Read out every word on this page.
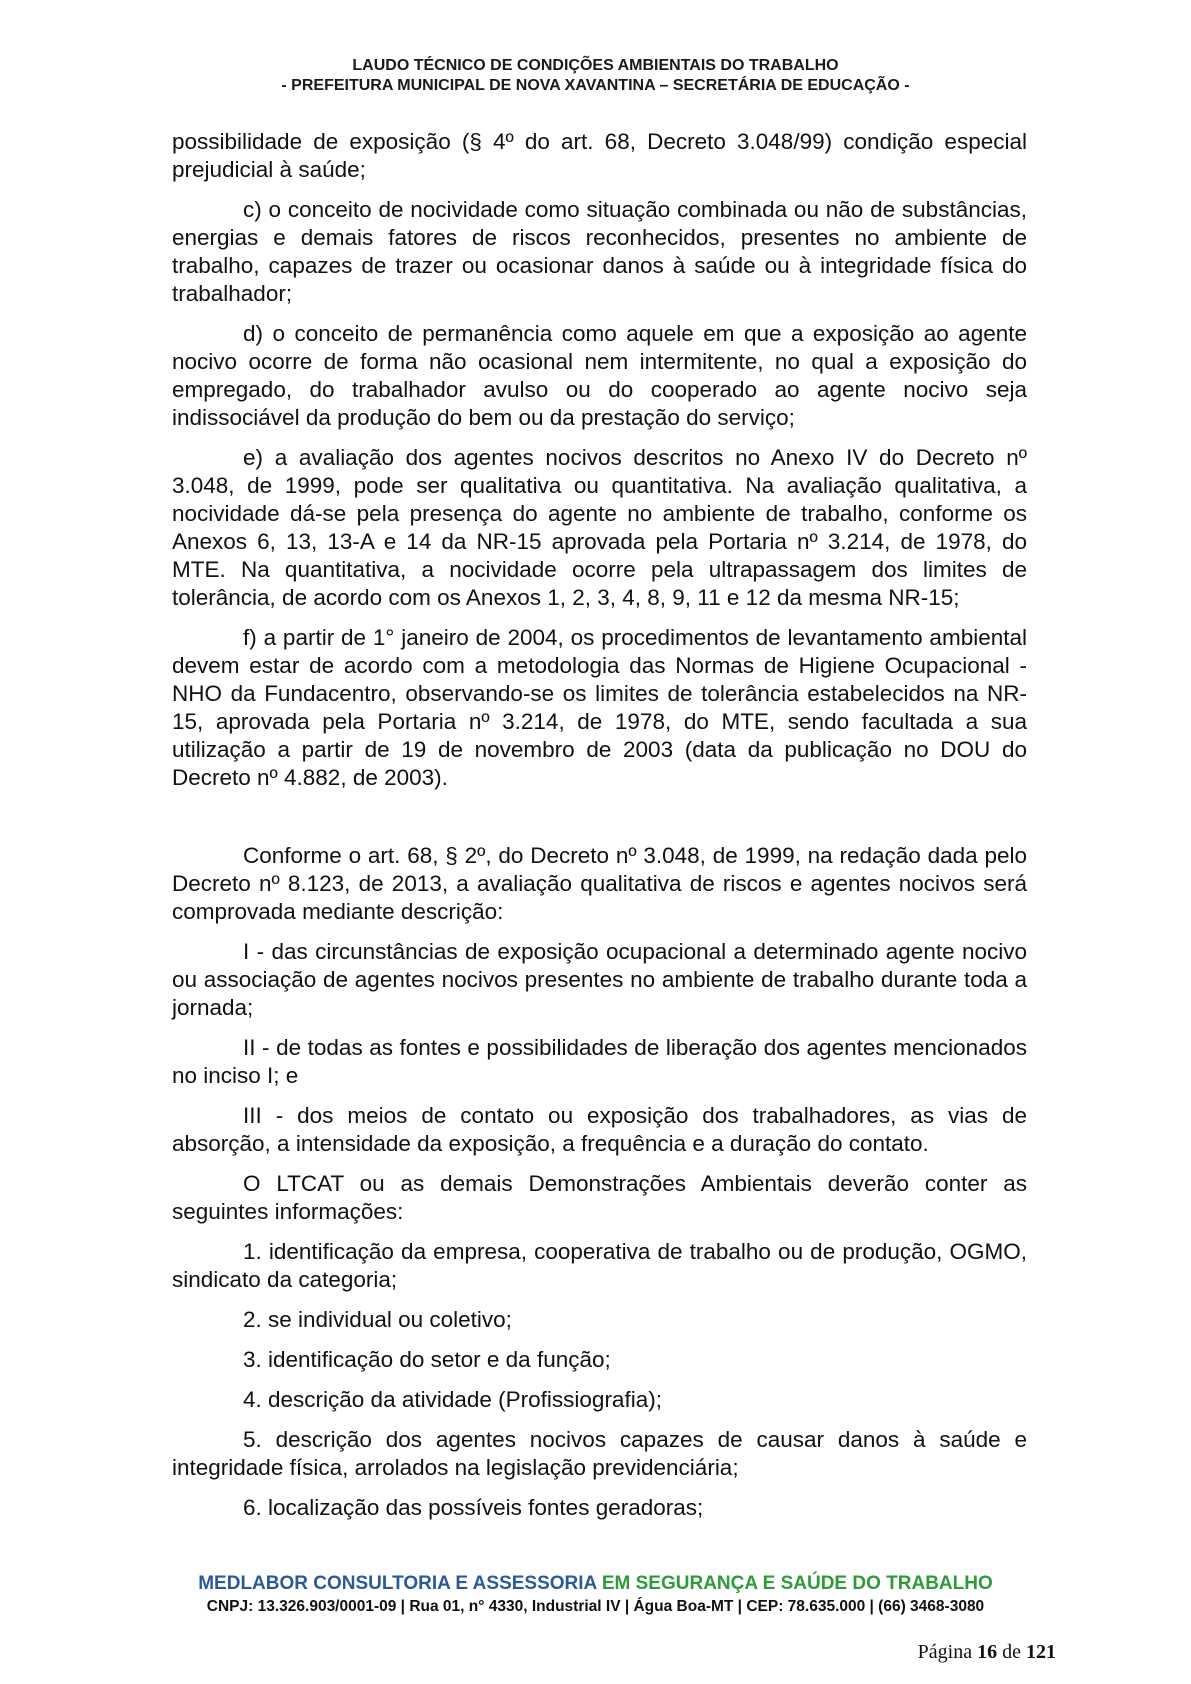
LAUDO TÉCNICO DE CONDIÇÕES AMBIENTAIS DO TRABALHO
- PREFEITURA MUNICIPAL DE NOVA XAVANTINA – SECRETÁRIA DE EDUCAÇÃO -

possibilidade de exposição (§ 4º do art. 68, Decreto 3.048/99) condição especial prejudicial à saúde;

c) o conceito de nocividade como situação combinada ou não de substâncias, energias e demais fatores de riscos reconhecidos, presentes no ambiente de trabalho, capazes de trazer ou ocasionar danos à saúde ou à integridade física do trabalhador;

d) o conceito de permanência como aquele em que a exposição ao agente nocivo ocorre de forma não ocasional nem intermitente, no qual a exposição do empregado, do trabalhador avulso ou do cooperado ao agente nocivo seja indissociável da produção do bem ou da prestação do serviço;

e) a avaliação dos agentes nocivos descritos no Anexo IV do Decreto nº 3.048, de 1999, pode ser qualitativa ou quantitativa. Na avaliação qualitativa, a nocividade dá-se pela presença do agente no ambiente de trabalho, conforme os Anexos 6, 13, 13-A e 14 da NR-15 aprovada pela Portaria nº 3.214, de 1978, do MTE. Na quantitativa, a nocividade ocorre pela ultrapassagem dos limites de tolerância, de acordo com os Anexos 1, 2, 3, 4, 8, 9, 11 e 12 da mesma NR-15;

f) a partir de 1° janeiro de 2004, os procedimentos de levantamento ambiental devem estar de acordo com a metodologia das Normas de Higiene Ocupacional - NHO da Fundacentro, observando-se os limites de tolerância estabelecidos na NR-15, aprovada pela Portaria nº 3.214, de 1978, do MTE, sendo facultada a sua utilização a partir de 19 de novembro de 2003 (data da publicação no DOU do Decreto nº 4.882, de 2003).

Conforme o art. 68, § 2º, do Decreto nº 3.048, de 1999, na redação dada pelo Decreto nº 8.123, de 2013, a avaliação qualitativa de riscos e agentes nocivos será comprovada mediante descrição:

I - das circunstâncias de exposição ocupacional a determinado agente nocivo ou associação de agentes nocivos presentes no ambiente de trabalho durante toda a jornada;

II - de todas as fontes e possibilidades de liberação dos agentes mencionados no inciso I; e

III - dos meios de contato ou exposição dos trabalhadores, as vias de absorção, a intensidade da exposição, a frequência e a duração do contato.

O LTCAT ou as demais Demonstrações Ambientais deverão conter as seguintes informações:

1. identificação da empresa, cooperativa de trabalho ou de produção, OGMO, sindicato da categoria;

2. se individual ou coletivo;

3. identificação do setor e da função;

4. descrição da atividade (Profissiografia);

5. descrição dos agentes nocivos capazes de causar danos à saúde e integridade física, arrolados na legislação previdenciária;

6. localização das possíveis fontes geradoras;

MEDLABOR CONSULTORIA E ASSESSORIA EM SEGURANÇA E SAÚDE DO TRABALHO
CNPJ: 13.326.903/0001-09 | Rua 01, n° 4330, Industrial IV | Água Boa-MT | CEP: 78.635.000 | (66) 3468-3080
Página 16 de 121
